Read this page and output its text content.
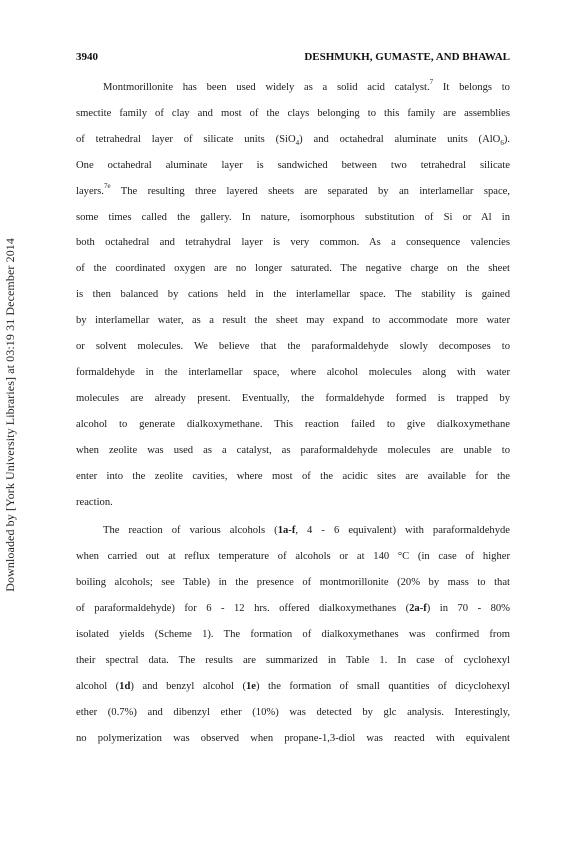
Downloaded by [York University Libraries] at 03:19 31 December 2014
3940	DESHMUKH, GUMASTE, AND BHAWAL
Montmorillonite has been used widely as a solid acid catalyst.$^7$ It belongs to
smectite family of clay and most of the clays belonging to this family are assemblies
of tetrahedral layer of silicate units (SiO$_4$) and octahedral aluminate units (AlO$_6$).
One octahedral aluminate layer is sandwiched between two tetrahedral silicate
layers.$^{7e}$ The resulting three layered sheets are separated by an interlamellar space,
some times called the gallery. In nature, isomorphous substitution of Si or Al in
both octahedral and tetrahydral layer is very common. As a consequence valencies
of the coordinated oxygen are no longer saturated. The negative charge on the sheet
is then balanced by cations held in the interlamellar space. The stability is gained
by interlamellar water, as a result the sheet may expand to accommodate more water
or solvent molecules. We believe that the paraformaldehyde slowly decomposes to
formaldehyde in the interlamellar space, where alcohol molecules along with water
molecules are already present. Eventually, the formaldehyde formed is trapped by
alcohol to generate dialkoxymethane. This reaction failed to give dialkoxymethane
when zeolite was used as a catalyst, as paraformaldehyde molecules are unable to
enter into the zeolite cavities, where most of the acidic sites are available for the
reaction.
The reaction of various alcohols (1a-f, 4 - 6 equivalent) with paraformaldehyde
when carried out at reflux temperature of alcohols or at 140 °C (in case of higher
boiling alcohols; see Table) in the presence of montmorillonite (20% by mass to that
of paraformaldehyde) for 6 - 12 hrs. offered dialkoxymethanes (2a-f) in 70 - 80%
isolated yields (Scheme 1). The formation of dialkoxymethanes was confirmed from
their spectral data. The results are summarized in Table 1. In case of cyclohexyl
alcohol (1d) and benzyl alcohol (1e) the formation of small quantities of dicyclohexyl
ether (0.7%) and dibenzyl ether (10%) was detected by glc analysis. Interestingly,
no polymerization was observed when propane-1,3-diol was reacted with equivalent
